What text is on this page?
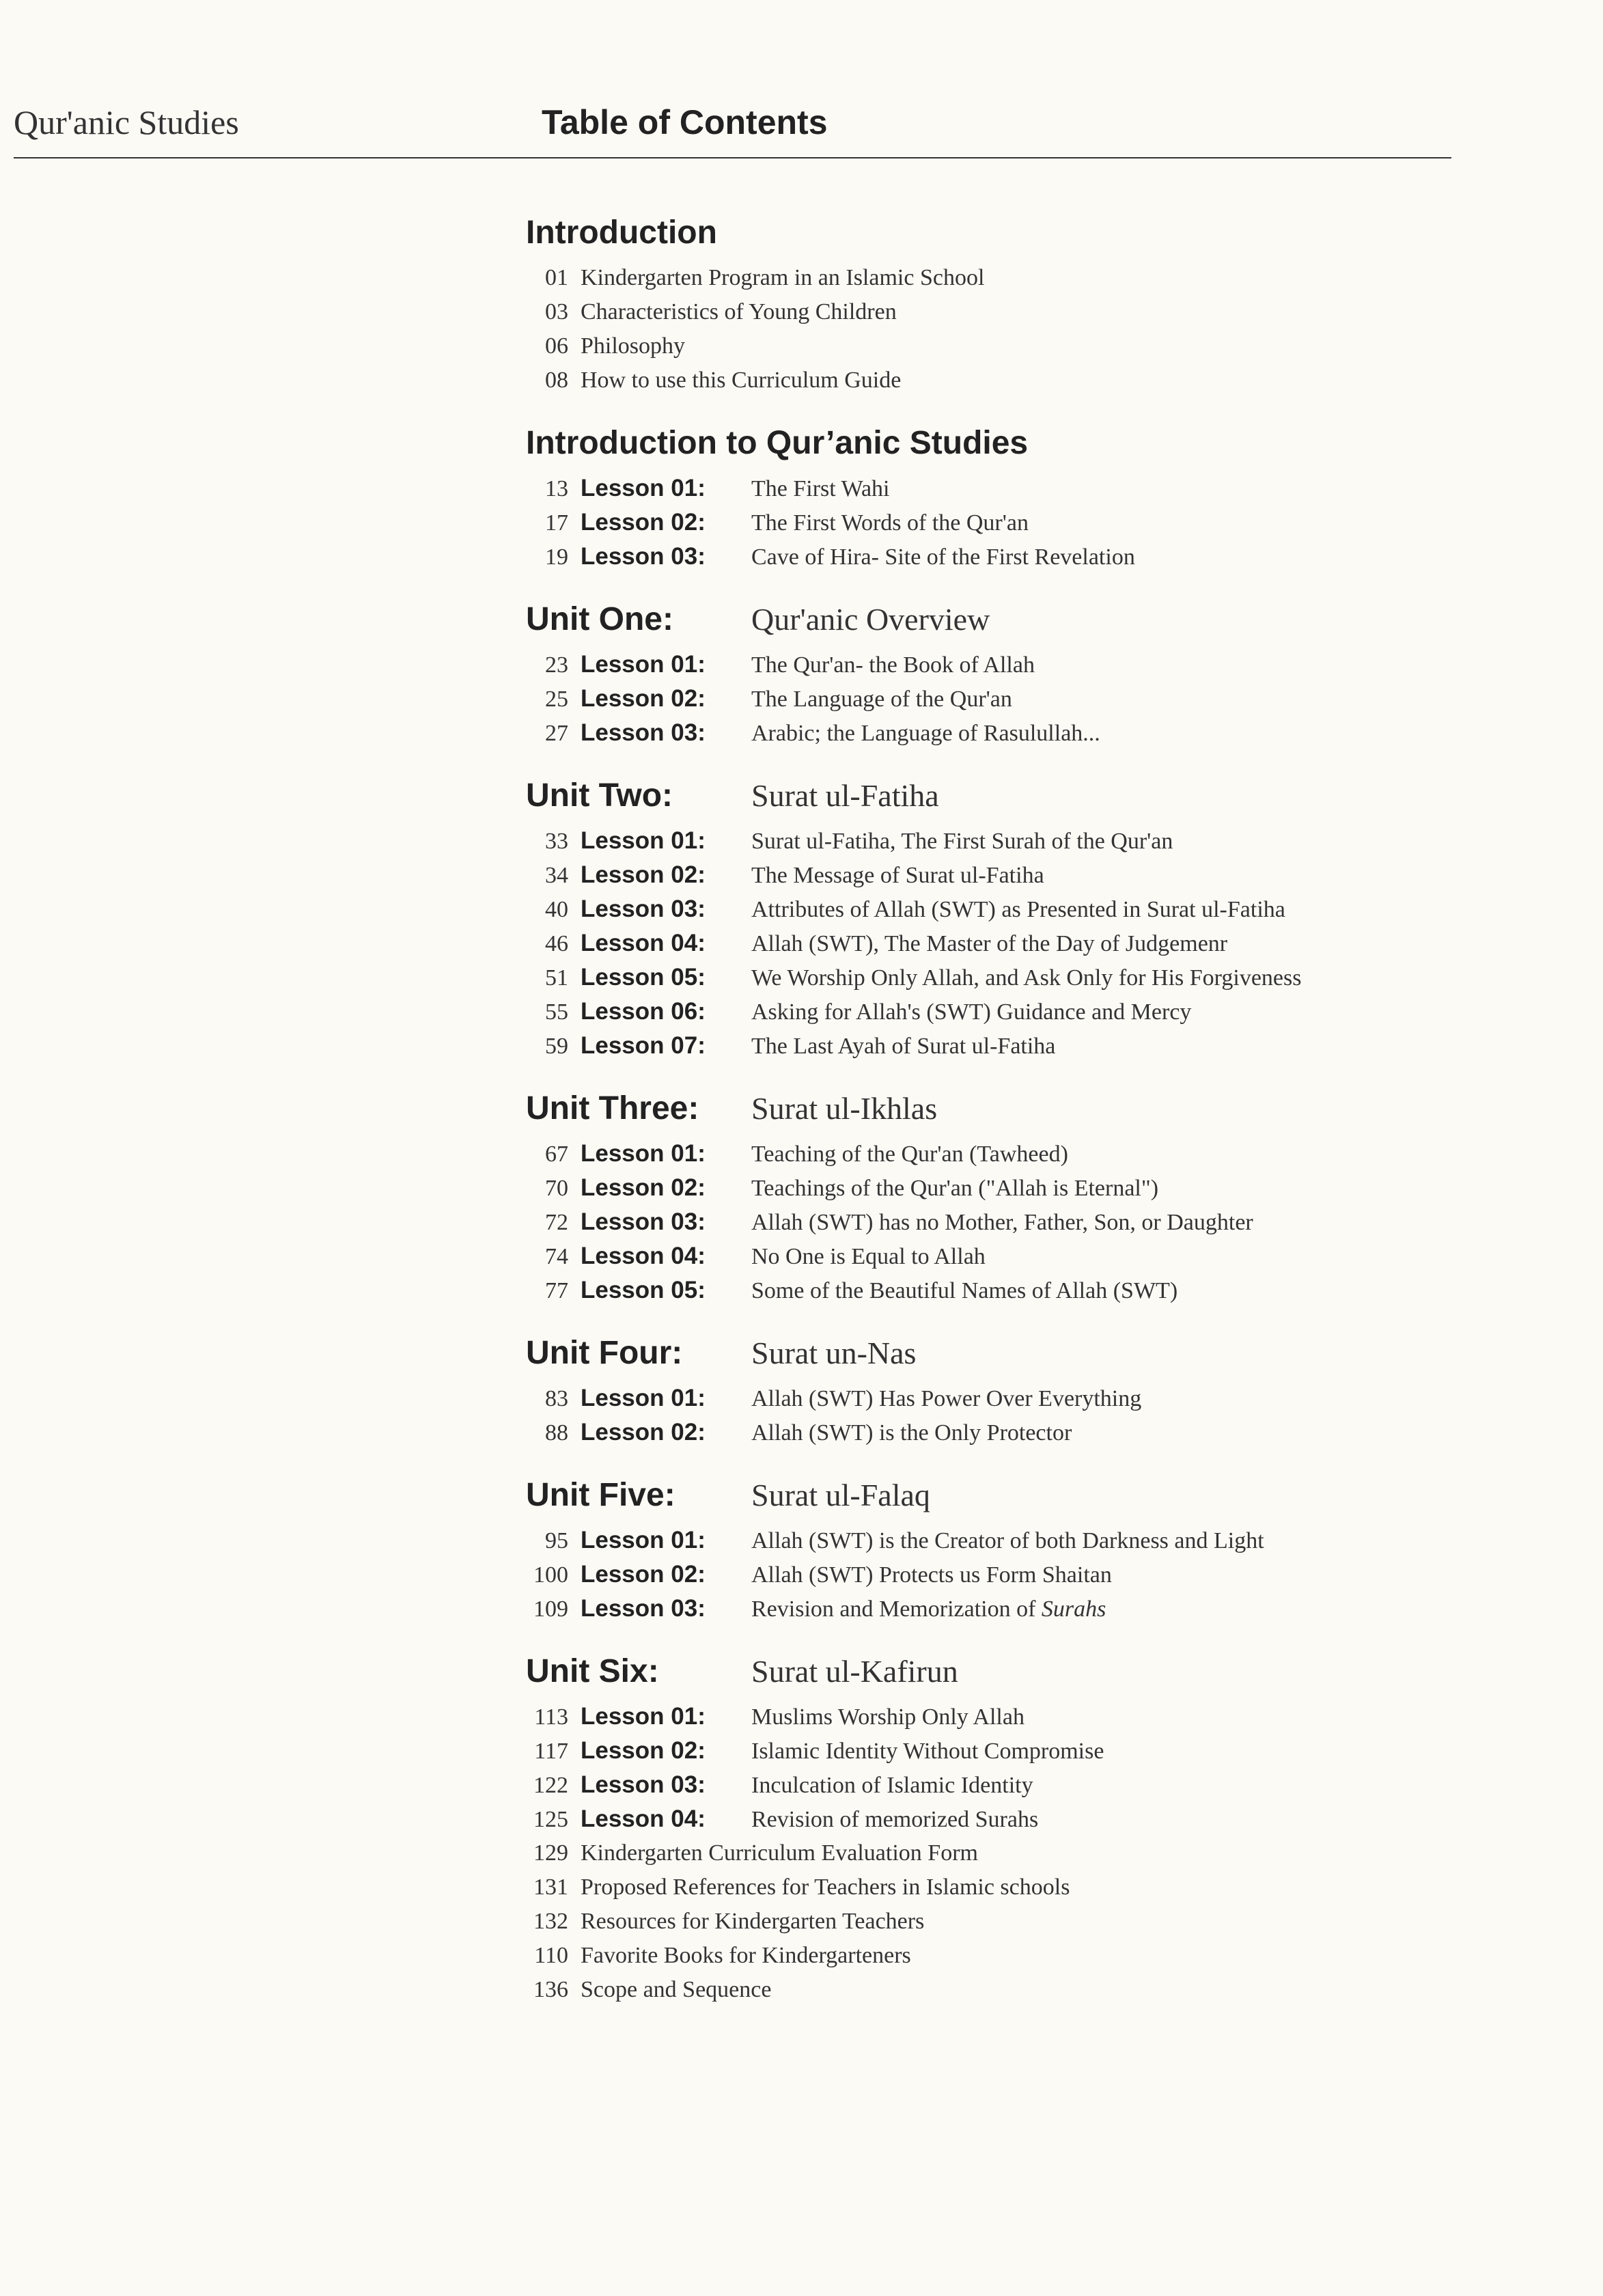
Qur'anic Studies	Table of Contents
Introduction
01 Kindergarten Program in an Islamic School
03 Characteristics of Young Children
06 Philosophy
08 How to use this Curriculum Guide
Introduction to Qur’anic Studies
13 Lesson 01:	The First Wahi
17 Lesson 02:	The First Words of the Qur'an
19 Lesson 03:	Cave of Hira- Site of the First Revelation
Unit One:	Qur'anic Overview
23 Lesson 01:	The Qur'an- the Book of Allah
25 Lesson 02:	The Language of the Qur'an
27 Lesson 03:	Arabic; the Language of Rasulullah...
Unit Two:	Surat ul-Fatiha
33 Lesson 01:	Surat ul-Fatiha, The First Surah of the Qur'an
34 Lesson 02:	The Message of Surat ul-Fatiha
40 Lesson 03:	Attributes of Allah (SWT) as Presented in Surat ul-Fatiha
46 Lesson 04:	Allah (SWT), The Master of the Day of Judgemenr
51 Lesson 05:	We Worship Only Allah, and Ask Only for His Forgiveness
55 Lesson 06:	Asking for Allah's (SWT) Guidance and Mercy
59 Lesson 07:	The Last Ayah of Surat ul-Fatiha
Unit Three:	Surat ul-Ikhlas
67 Lesson 01:	Teaching of the Qur'an (Tawheed)
70 Lesson 02:	Teachings of the Qur'an ("Allah is Eternal")
72 Lesson 03:	Allah (SWT) has no Mother, Father, Son, or Daughter
74 Lesson 04:	No One is Equal to Allah
77 Lesson 05:	Some of the Beautiful Names of Allah (SWT)
Unit Four:	Surat un-Nas
83 Lesson 01:	Allah (SWT) Has Power Over Everything
88 Lesson 02:	Allah (SWT) is the Only Protector
Unit Five:	Surat ul-Falaq
95 Lesson 01:	Allah (SWT) is the Creator of both Darkness and Light
100 Lesson 02:	Allah (SWT) Protects us Form Shaitan
109 Lesson 03:	Revision and Memorization of Surahs
Unit Six:	Surat ul-Kafirun
113 Lesson 01:	Muslims Worship Only Allah
117 Lesson 02:	Islamic Identity Without Compromise
122 Lesson 03:	Inculcation of Islamic Identity
125 Lesson 04:	Revision of memorized Surahs
129 Kindergarten Curriculum Evaluation Form
131 Proposed References for Teachers in Islamic schools
132 Resources for Kindergarten Teachers
110 Favorite Books for Kindergarteners
136 Scope and Sequence
